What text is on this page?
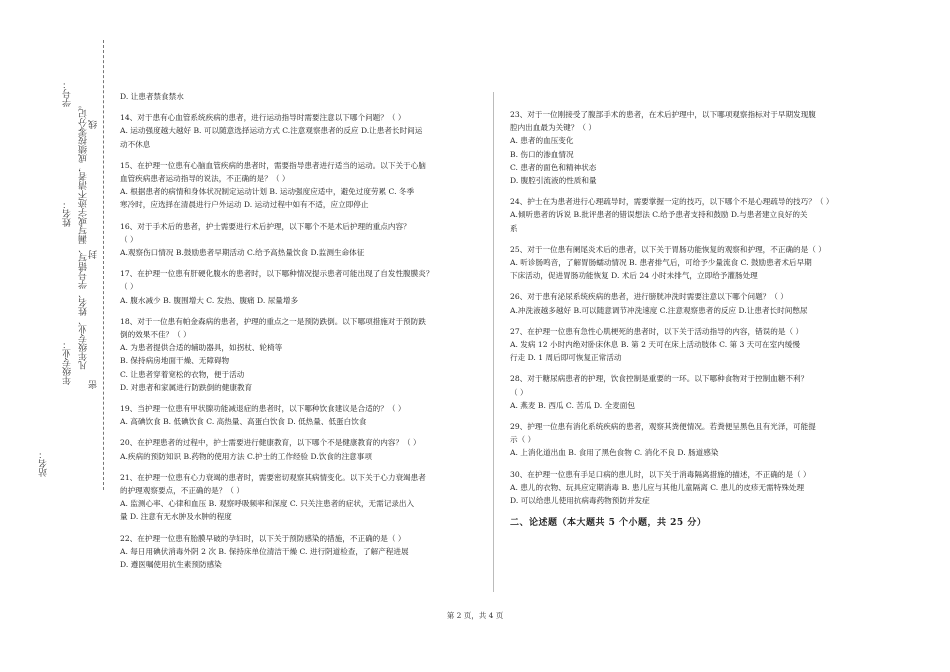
学号：
姓名：
年级专业： 凡年级专业、姓名、学号错写、漏写或字迹不清者，成绩按零分记。 线
封
密
站名：

D. 让患者禁食禁水

14、对于患有心血管系统疾病的患者，进行运动指导时需要注意以下哪个问题？（ ）

A. 运动强度越大越好 B. 可以随意选择运动方式 C.注意观察患者的反应 D.让患者长时间运

动不休息

15、在护理一位患有心脑血管疾病的患者时，需要指导患者进行适当的运动。以下关于心脑

血管疾病患者运动指导的说法，不正确的是？（ ）

A. 根据患者的病情和身体状况制定运动计划 B. 运动强度应适中，避免过度劳累 C. 冬季

寒冷时，应选择在清晨进行户外运动 D. 运动过程中如有不适，应立即停止

16、对于手术后的患者，护士需要进行术后护理，以下哪个不是术后护理的重点内容？

（ ）

A.观察伤口情况 B.鼓励患者早期活动 C.给予高热量饮食 D.监测生命体征

17、在护理一位患有肝硬化腹水的患者时，以下哪种情况提示患者可能出现了自发性腹膜炎？

（ ）

A. 腹水减少 B. 腹围增大 C. 发热、腹痛 D. 尿量增多

18、对于一位患有帕金森病的患者，护理的重点之一是预防跌倒。以下哪项措施对于预防跌

倒的效果不佳？（ ）

A. 为患者提供合适的辅助器具，如拐杖、轮椅等

B. 保持病房地面干燥、无障碍物

C. 让患者穿着宽松的衣物，便于活动

D. 对患者和家属进行防跌倒的健康教育

19、当护理一位患有甲状腺功能减退症的患者时，以下哪种饮食建议是合适的？（ ）

A. 高碘饮食 B. 低碘饮食 C. 高热量、高蛋白饮食 D. 低热量、低蛋白饮食

20、在护理患者的过程中，护士需要进行健康教育，以下哪个不是健康教育的内容？（ ）

A.疾病的预防知识 B.药物的使用方法 C.护士的工作经验 D.饮食的注意事项

21、在护理一位患有心力衰竭的患者时，需要密切观察其病情变化。以下关于心力衰竭患者

的护理观察要点，不正确的是？（ ）

A. 监测心率、心律和血压 B. 观察呼吸频率和深度 C. 只关注患者的症状，无需记录出入

量 D. 注意有无水肿及水肿的程度

22、在护理一位患有胎膜早破的孕妇时，以下关于预防感染的措施，不正确的是（ ）

A. 每日用碘伏消毒外阴 2 次 B. 保持床单位清洁干燥 C. 进行阴道检查，了解产程进展

D. 遵医嘱使用抗生素预防感染

23、对于一位刚接受了腹部手术的患者，在术后护理中，以下哪项观察指标对于早期发现腹

腔内出血最为关键？（ ）

A. 患者的血压变化

B. 伤口的渗血情况

C. 患者的面色和精神状态

D. 腹腔引流液的性质和量

24、护士在为患者进行心理疏导时，需要掌握一定的技巧，以下哪个不是心理疏导的技巧？（ ）

A.倾听患者的诉说 B.批评患者的错误想法 C.给予患者支持和鼓励 D.与患者建立良好的关

系

25、对于一位患有阑尾炎术后的患者，以下关于胃肠功能恢复的观察和护理，不正确的是（ ）

A. 听诊肠鸣音，了解胃肠蠕动情况 B. 患者排气后，可给予少量流食 C. 鼓励患者术后早期

下床活动，促进胃肠功能恢复 D. 术后 24 小时未排气，立即给予灌肠处理

26、对于患有泌尿系统疾病的患者，进行膀胱冲洗时需要注意以下哪个问题？（ ）

A.冲洗液越多越好 B.可以随意调节冲洗速度 C.注意观察患者的反应 D.让患者长时间憋尿

27、在护理一位患有急性心肌梗死的患者时，以下关于活动指导的内容，错误的是（ ）

A. 发病 12 小时内绝对卧床休息 B. 第 2 天可在床上活动肢体 C. 第 3 天可在室内缓慢

行走 D. 1 周后即可恢复正常活动

28、对于糖尿病患者的护理，饮食控制是重要的一环。以下哪种食物对于控制血糖不利？

（ ）

A. 燕麦 B. 西瓜 C. 苦瓜 D. 全麦面包

29、护理一位患有消化系统疾病的患者，观察其粪便情况。若粪便呈黑色且有光泽，可能提

示（ ）

A. 上消化道出血 B. 食用了黑色食物 C. 消化不良 D. 肠道感染

30、在护理一位患有手足口病的患儿时，以下关于消毒隔离措施的描述，不正确的是（ ）

A. 患儿的衣物、玩具应定期消毒 B. 患儿应与其他儿童隔离 C. 患儿的皮疹无需特殊处理

D. 可以给患儿使用抗病毒药物预防并发症

二、论述题（本大题共 5 个小题，共 25 分）
第 2 页，共 4 页
